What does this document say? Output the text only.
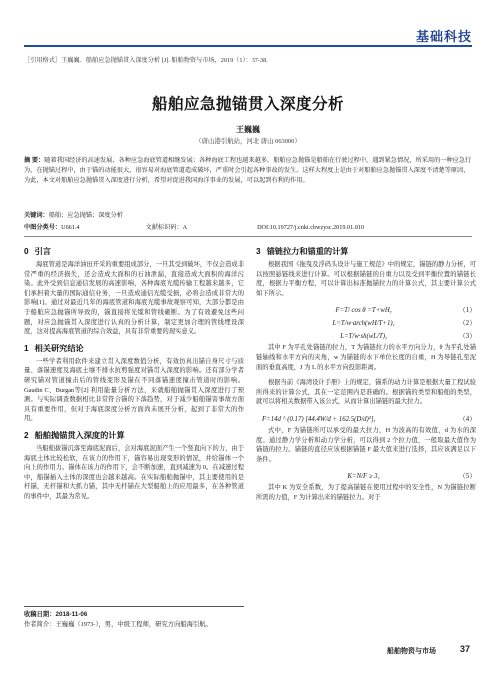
基础科技
［引用格式］王巍巍．船舶应急抛锚贯入深度分析 [J]. 船舶物资与市场，2019（1）：37-38.
船舶应急抛锚贯入深度分析
王巍巍
（唐山港引航站，河北 唐山 063000）
摘 要：随着我国经济的高速发展，各种应急海底管道相继发展；各种海底工程也越来越多。船舶应急抛锚是船舶在行驶过程中，遇到紧急情况，所采用的一种应急行为，在抛锚过程中，由于锚的动能很大，很容易对海底管道造成破坏，严重时会引起各种事故的发生。这样大程度上是由于对船舶应急抛锚贯入深度不清楚等原因，为此，本文对船舶应急抛锚贯入深度进行分析，希望对促进我国海洋事业的发展，可以起到有利的作用。
关键词：船舶；应急抛锚；深度分析
中图分类号：U661.4	文献标识码：A	DOI:10.19727/j.cnki.cbwzysc.2019.01.010
0 引言

海底管道是海洋油田开采的重要组成部分，一旦其受到破坏，不仅会造成非常严重的经济损失，还会造成大面积的石油泄漏，直接造成大面积的海洋污染。此外受到信息通信发展的高速影响，各种海底光缆传输工程越来越多，它们承担着大量的国际通信业务，一旦造成通信光缆受损，必将会造成非常大的影响[1]。通过对最近几年的海底管道和海底光缆事故观察可知，大部分都是由于船舶应急抛锚所导致的，锚直接将光缆和管线砸断。为了有效避免这些问题，对应急抛锚贯入深度进行认真的分析计算，制定更加合理的管线埋设深度，这对提高海底管道的综合效益，具有非常重要的现实意义。

1 相关研究结论

一些学者利用软件来建立贯入深度数值分析，有效仿真出锚自身尺寸与质量、落锚速度及海底土壤不排水抗剪强度对锚贯入深度的影响。还有部分学者研究锚对管道撞击后的管线变形及锚在不同落锚速度撞击管道时的影响。Gaudin C、Burgan等[2] 利用能量分析方法，来就船舶抛锚贯入深度进行了预测。与实际调查数据相比非常符合锚的下落趋势，对于减少船舶锚害事故方面具有重要作用，但对于海底深度分析方面尚未展开分析，起到了非常大的作用。

2 船舶抛锚贯入深度的计算

当船舶拔锚沉落至海底泥面后，会对海底泥面产生一个竖直向下的力，由于海底土体比较松软，在该力的作用下，锚容易出现变形的情况，并给锚体一个向上的作用力。锚体在该力的作用下，会不断加速，直到减速为 0。在减速过程中，船锚插入土体的深度也会越来越高。在实际船舶抛锚中，其主要使用的是杆锚，无杆锚和大抓力锚，其中无杆锚在大型船舶上的应用最多，在各种管道的事件中，其最为常见。

3 锚链拉力和锚重的计算

根据我国《拖曳及浮码头设计与施工规范》中的规定，锚链的静力分析，可以按照悬链线来进行计算。可以根据锚链的自重力以及受到平衡位置的锚链长度，根据力平衡方程，可以计算出标准抛锚拉力的计算公式，其主要计算公式如下所示。

F=T/ cos θ =T+wH，	（1）
L=T/w·arch(wH/T+1)，	（2）
L=T/w·sh(wL/T)，	（3）

其中 F 为平孔处锚链的拉力，T 为锚链拉力的水平方向分力，θ 为平孔处锚链轴线和水平方向的夹角，w 为锚链的水下单位长度的自重，H 为导链孔至泥面的垂直高度，J 为 L 的水平方向投影距离。

根据当前《海湾设计手册》上的规定，锚系的动力计算是根据大量工程试验所得来的计算公式，其在一定范围内是准确的。根据锚的类型和船舶的类型，就可以将相关数据带入该公式，从而计算出锚链的最大拉力。

F=14d ^ (0.17) [44.4W/d + 162.5(D/d)²]，	（4）

式中，F 为锚链所可以承受的最大拉力，H 为波高的有效值，d 为水的深度。通过静力学分析和动力学分析，可以得到 2 个拉力值，一般取最大值作为锚链的拉力。锚链的直径应该根据锚链 F 最大值来进行选择，其应该满足以下条件。

K=N/F ≥ 3，	（5）

其中 K 为安全系数，为了提高锚链在使用过程中的安全性，N 为锚链拉断所需的力值，F 为计算出来的锚链拉力。对于

收稿日期：2018-11-06
作者简介：王巍巍（1973-），男，中级工程师，研究方向船海引航。
船舶物资与市场	37
